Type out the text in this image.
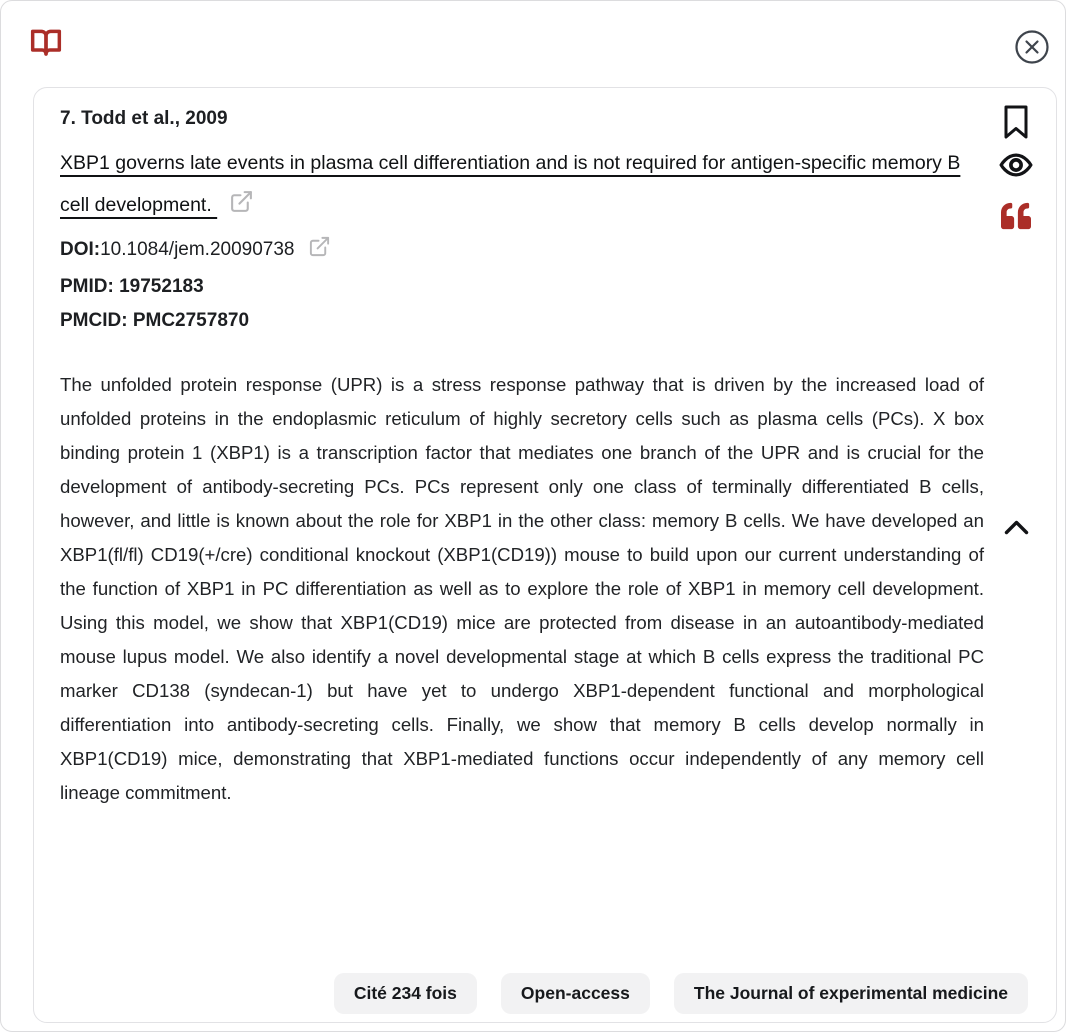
7. Todd et al., 2009
XBP1 governs late events in plasma cell differentiation and is not required for antigen-specific memory B cell development.
DOI:10.1084/jem.20090738
PMID: 19752183
PMCID: PMC2757870

The unfolded protein response (UPR) is a stress response pathway that is driven by the increased load of unfolded proteins in the endoplasmic reticulum of highly secretory cells such as plasma cells (PCs). X box binding protein 1 (XBP1) is a transcription factor that mediates one branch of the UPR and is crucial for the development of antibody-secreting PCs. PCs represent only one class of terminally differentiated B cells, however, and little is known about the role for XBP1 in the other class: memory B cells. We have developed an XBP1(fl/fl) CD19(+/cre) conditional knockout (XBP1(CD19)) mouse to build upon our current understanding of the function of XBP1 in PC differentiation as well as to explore the role of XBP1 in memory cell development. Using this model, we show that XBP1(CD19) mice are protected from disease in an autoantibody-mediated mouse lupus model. We also identify a novel developmental stage at which B cells express the traditional PC marker CD138 (syndecan-1) but have yet to undergo XBP1-dependent functional and morphological differentiation into antibody-secreting cells. Finally, we show that memory B cells develop normally in XBP1(CD19) mice, demonstrating that XBP1-mediated functions occur independently of any memory cell lineage commitment.

Cité 234 fois	Open-access	The Journal of experimental medicine
